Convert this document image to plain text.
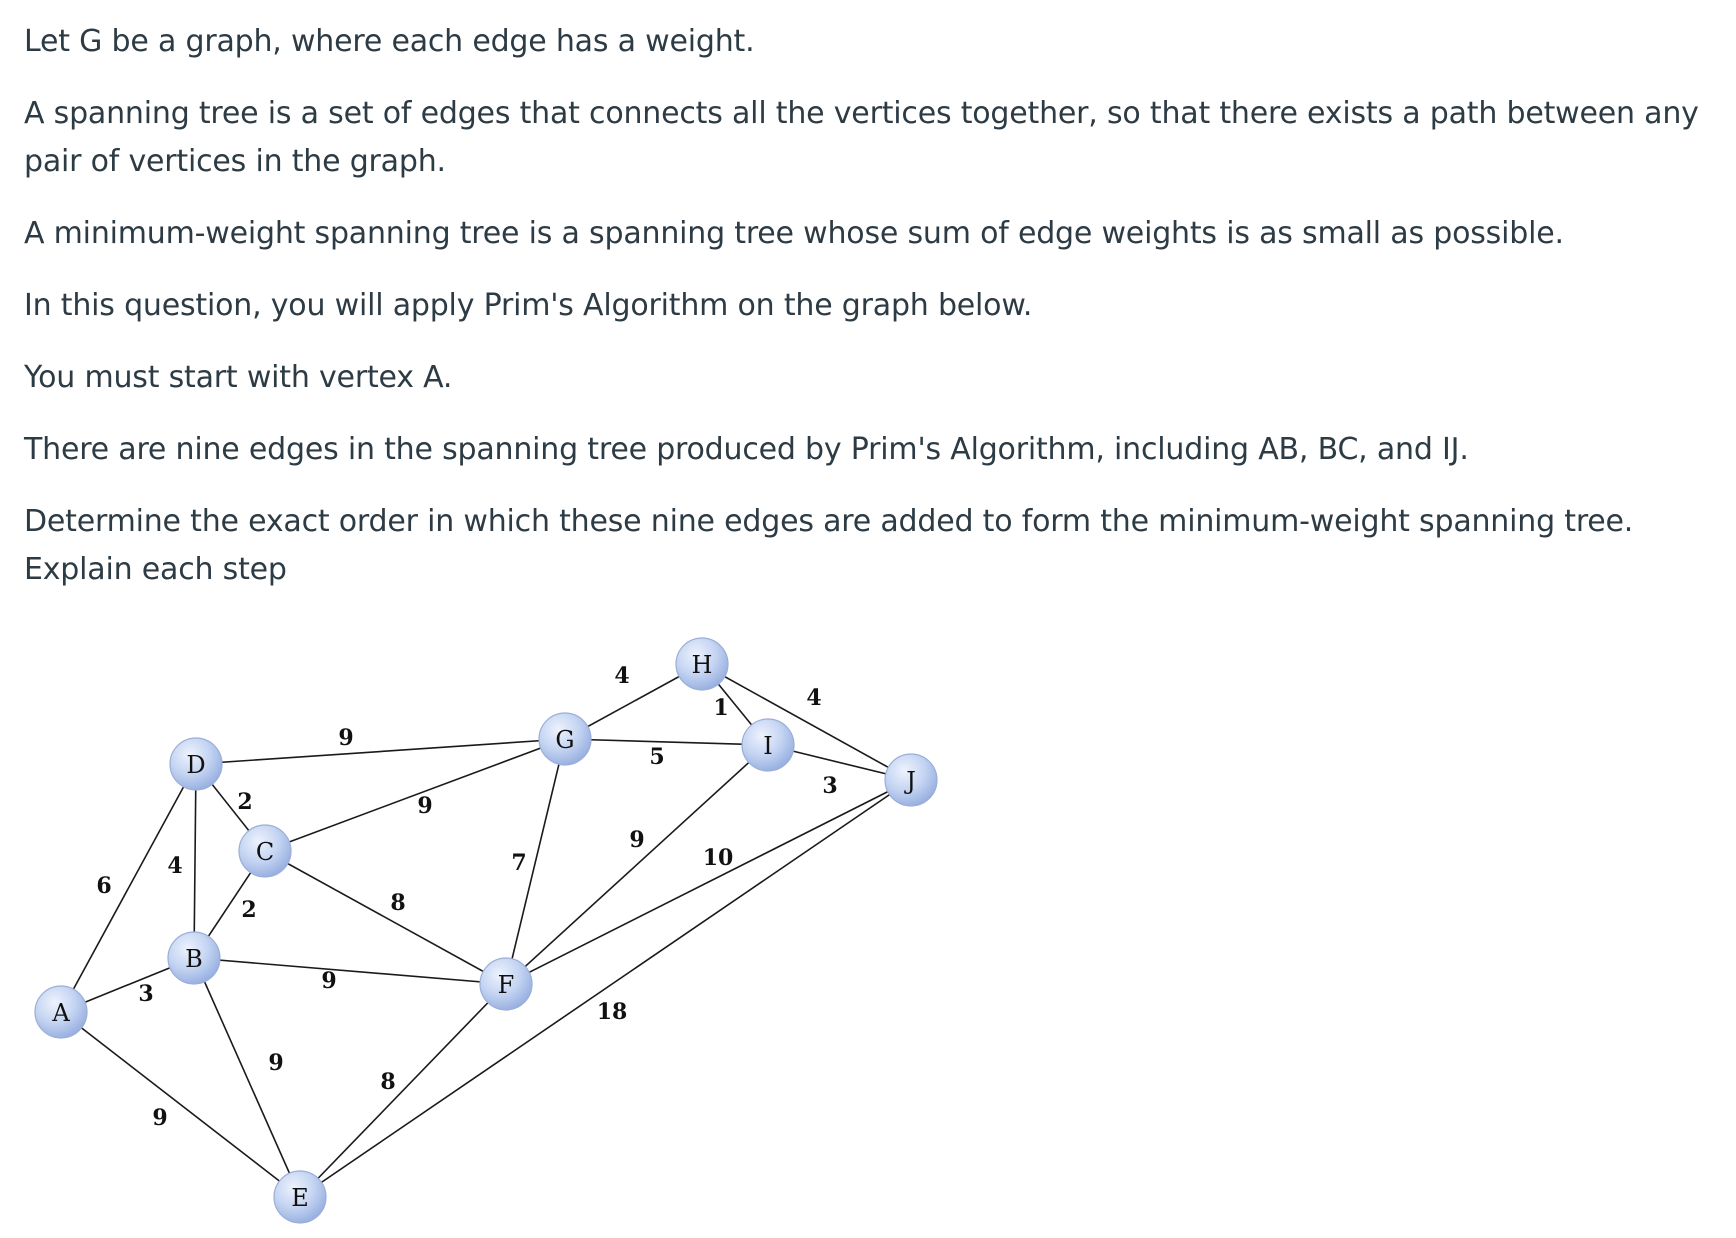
Let G be a graph, where each edge has a weight.

A spanning tree is a set of edges that connects all the vertices together, so that there exists a path between any pair of vertices in the graph.

A minimum-weight spanning tree is a spanning tree whose sum of edge weights is as small as possible.

In this question, you will apply Prim's Algorithm on the graph below.

You must start with vertex A.

There are nine edges in the spanning tree produced by Prim's Algorithm, including AB, BC, and IJ.

Determine the exact order in which these nine edges are added to form the minimum-weight spanning tree. Explain each step

6
3
9
4
2
2
9
9
8
9
9
8
18
7
4
5
1	4
3
9
10
A
B
C
D
E
F
G
H
I
J
